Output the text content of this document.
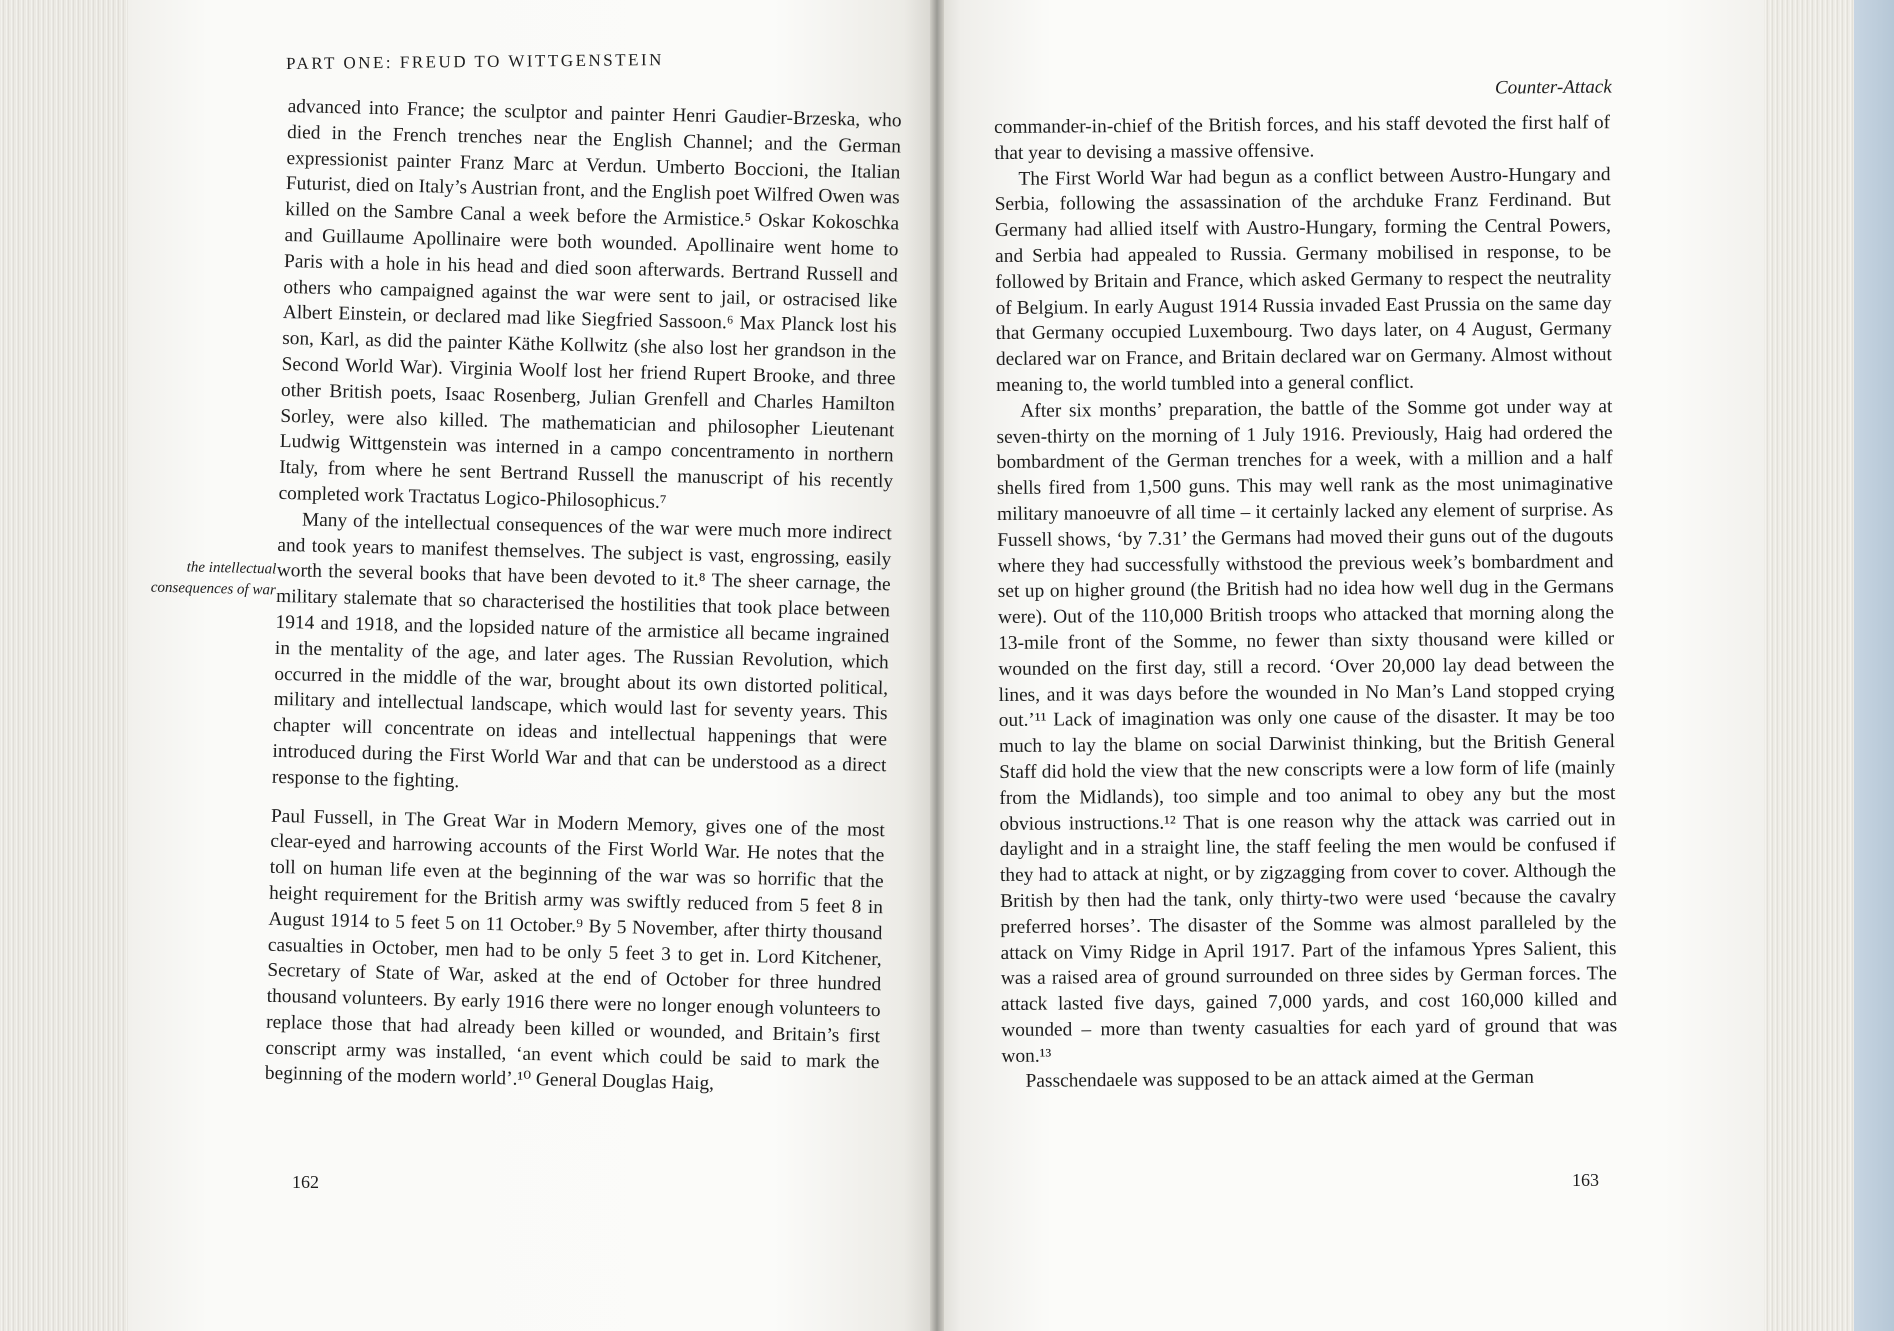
PART ONE: FREUD TO WITTGENSTEIN
the intellectual consequences of war

advanced into France; the sculptor and painter Henri Gaudier-Brzeska, who died in the French trenches near the English Channel; and the German expressionist painter Franz Marc at Verdun. Umberto Boccioni, the Italian Futurist, died on Italy’s Austrian front, and the English poet Wilfred Owen was killed on the Sambre Canal a week before the Armistice.⁵ Oskar Kokoschka and Guillaume Apollinaire were both wounded. Apollinaire went home to Paris with a hole in his head and died soon afterwards. Bertrand Russell and others who campaigned against the war were sent to jail, or ostracised like Albert Einstein, or declared mad like Siegfried Sassoon.⁶ Max Planck lost his son, Karl, as did the painter Käthe Kollwitz (she also lost her grandson in the Second World War). Virginia Woolf lost her friend Rupert Brooke, and three other British poets, Isaac Rosenberg, Julian Grenfell and Charles Hamilton Sorley, were also killed. The mathematician and philosopher Lieutenant Ludwig Wittgenstein was interned in a campo concentramento in northern Italy, from where he sent Bertrand Russell the manuscript of his recently completed work Tractatus Logico-Philosophicus.⁷

Many of the intellectual consequences of the war were much more indirect and took years to manifest themselves. The subject is vast, engrossing, easily worth the several books that have been devoted to it.⁸ The sheer carnage, the military stalemate that so characterised the hostilities that took place between 1914 and 1918, and the lopsided nature of the armistice all became ingrained in the mentality of the age, and later ages. The Russian Revolution, which occurred in the middle of the war, brought about its own distorted political, military and intellectual landscape, which would last for seventy years. This chapter will concentrate on ideas and intellectual happenings that were introduced during the First World War and that can be understood as a direct response to the fighting.

Paul Fussell, in The Great War in Modern Memory, gives one of the most clear-eyed and harrowing accounts of the First World War. He notes that the toll on human life even at the beginning of the war was so horrific that the height requirement for the British army was swiftly reduced from 5 feet 8 in August 1914 to 5 feet 5 on 11 October.⁹ By 5 November, after thirty thousand casualties in October, men had to be only 5 feet 3 to get in. Lord Kitchener, Secretary of State of War, asked at the end of October for three hundred thousand volunteers. By early 1916 there were no longer enough volunteers to replace those that had already been killed or wounded, and Britain’s first conscript army was installed, ‘an event which could be said to mark the beginning of the modern world’.¹⁰ General Douglas Haig,

162
Counter-Attack

commander-in-chief of the British forces, and his staff devoted the first half of that year to devising a massive offensive.

The First World War had begun as a conflict between Austro-Hungary and Serbia, following the assassination of the archduke Franz Ferdinand. But Germany had allied itself with Austro-Hungary, forming the Central Powers, and Serbia had appealed to Russia. Germany mobilised in response, to be followed by Britain and France, which asked Germany to respect the neutrality of Belgium. In early August 1914 Russia invaded East Prussia on the same day that Germany occupied Luxembourg. Two days later, on 4 August, Germany declared war on France, and Britain declared war on Germany. Almost without meaning to, the world tumbled into a general conflict.

After six months’ preparation, the battle of the Somme got under way at seven-thirty on the morning of 1 July 1916. Previously, Haig had ordered the bombardment of the German trenches for a week, with a million and a half shells fired from 1,500 guns. This may well rank as the most unimaginative military manoeuvre of all time – it certainly lacked any element of surprise. As Fussell shows, ‘by 7.31’ the Germans had moved their guns out of the dugouts where they had successfully withstood the previous week’s bombardment and set up on higher ground (the British had no idea how well dug in the Germans were). Out of the 110,000 British troops who attacked that morning along the 13-mile front of the Somme, no fewer than sixty thousand were killed or wounded on the first day, still a record. ‘Over 20,000 lay dead between the lines, and it was days before the wounded in No Man’s Land stopped crying out.’¹¹ Lack of imagination was only one cause of the disaster. It may be too much to lay the blame on social Darwinist thinking, but the British General Staff did hold the view that the new conscripts were a low form of life (mainly from the Midlands), too simple and too animal to obey any but the most obvious instructions.¹² That is one reason why the attack was carried out in daylight and in a straight line, the staff feeling the men would be confused if they had to attack at night, or by zigzagging from cover to cover. Although the British by then had the tank, only thirty-two were used ‘because the cavalry preferred horses’. The disaster of the Somme was almost paralleled by the attack on Vimy Ridge in April 1917. Part of the infamous Ypres Salient, this was a raised area of ground surrounded on three sides by German forces. The attack lasted five days, gained 7,000 yards, and cost 160,000 killed and wounded – more than twenty casualties for each yard of ground that was won.¹³

Passchendaele was supposed to be an attack aimed at the German

163
